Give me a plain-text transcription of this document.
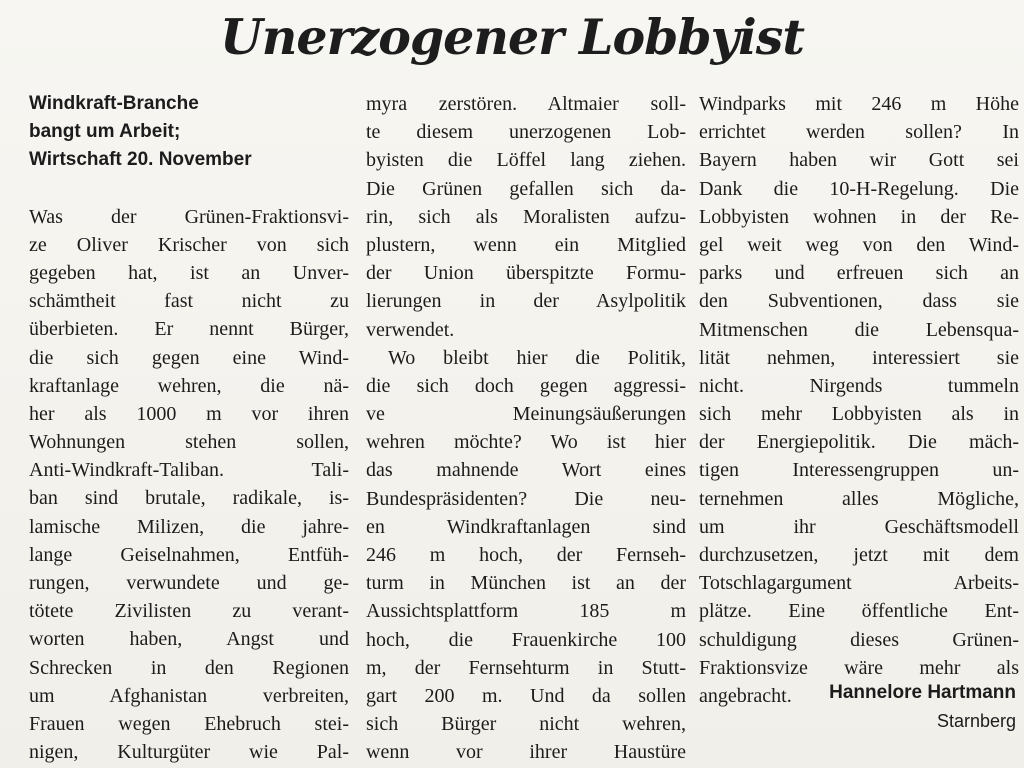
Unerzogener Lobbyist
Windkraft-Branche
bangt um Arbeit;
Wirtschaft 20. November
Was der Grünen-Fraktionsvi-
ze Oliver Krischer von sich
gegeben hat, ist an Unver-
schämtheit fast nicht zu
überbieten. Er nennt Bürger,
die sich gegen eine Wind-
kraftanlage wehren, die nä-
her als 1000 m vor ihren
Wohnungen stehen sollen,
Anti-Windkraft-Taliban. Tali-
ban sind brutale, radikale, is-
lamische Milizen, die jahre-
lange Geiselnahmen, Entfüh-
rungen, verwundete und ge-
tötete Zivilisten zu verant-
worten haben, Angst und
Schrecken in den Regionen
um Afghanistan verbreiten,
Frauen wegen Ehebruch stei-
nigen, Kulturgüter wie Pal-
myra zerstören. Altmaier soll-
te diesem unerzogenen Lob-
byisten die Löffel lang ziehen.
Die Grünen gefallen sich da-
rin, sich als Moralisten aufzu-
plustern, wenn ein Mitglied
der Union überspitzte Formu-
lierungen in der Asylpolitik
verwendet.
Wo bleibt hier die Politik,
die sich doch gegen aggressi-
ve Meinungsäußerungen
wehren möchte? Wo ist hier
das mahnende Wort eines
Bundespräsidenten? Die neu-
en Windkraftanlagen sind
246 m hoch, der Fernseh-
turm in München ist an der
Aussichtsplattform 185 m
hoch, die Frauenkirche 100
m, der Fernsehturm in Stutt-
gart 200 m. Und da sollen
sich Bürger nicht wehren,
wenn vor ihrer Haustüre
Windparks mit 246 m Höhe
errichtet werden sollen? In
Bayern haben wir Gott sei
Dank die 10-H-Regelung. Die
Lobbyisten wohnen in der Re-
gel weit weg von den Wind-
parks und erfreuen sich an
den Subventionen, dass sie
Mitmenschen die Lebensqua-
lität nehmen, interessiert sie
nicht. Nirgends tummeln
sich mehr Lobbyisten als in
der Energiepolitik. Die mäch-
tigen Interessengruppen un-
ternehmen alles Mögliche,
um ihr Geschäftsmodell
durchzusetzen, jetzt mit dem
Totschlagargument Arbeits-
plätze. Eine öffentliche Ent-
schuldigung dieses Grünen-
Fraktionsvize wäre mehr als
angebracht.	Hannelore Hartmann
Starnberg
